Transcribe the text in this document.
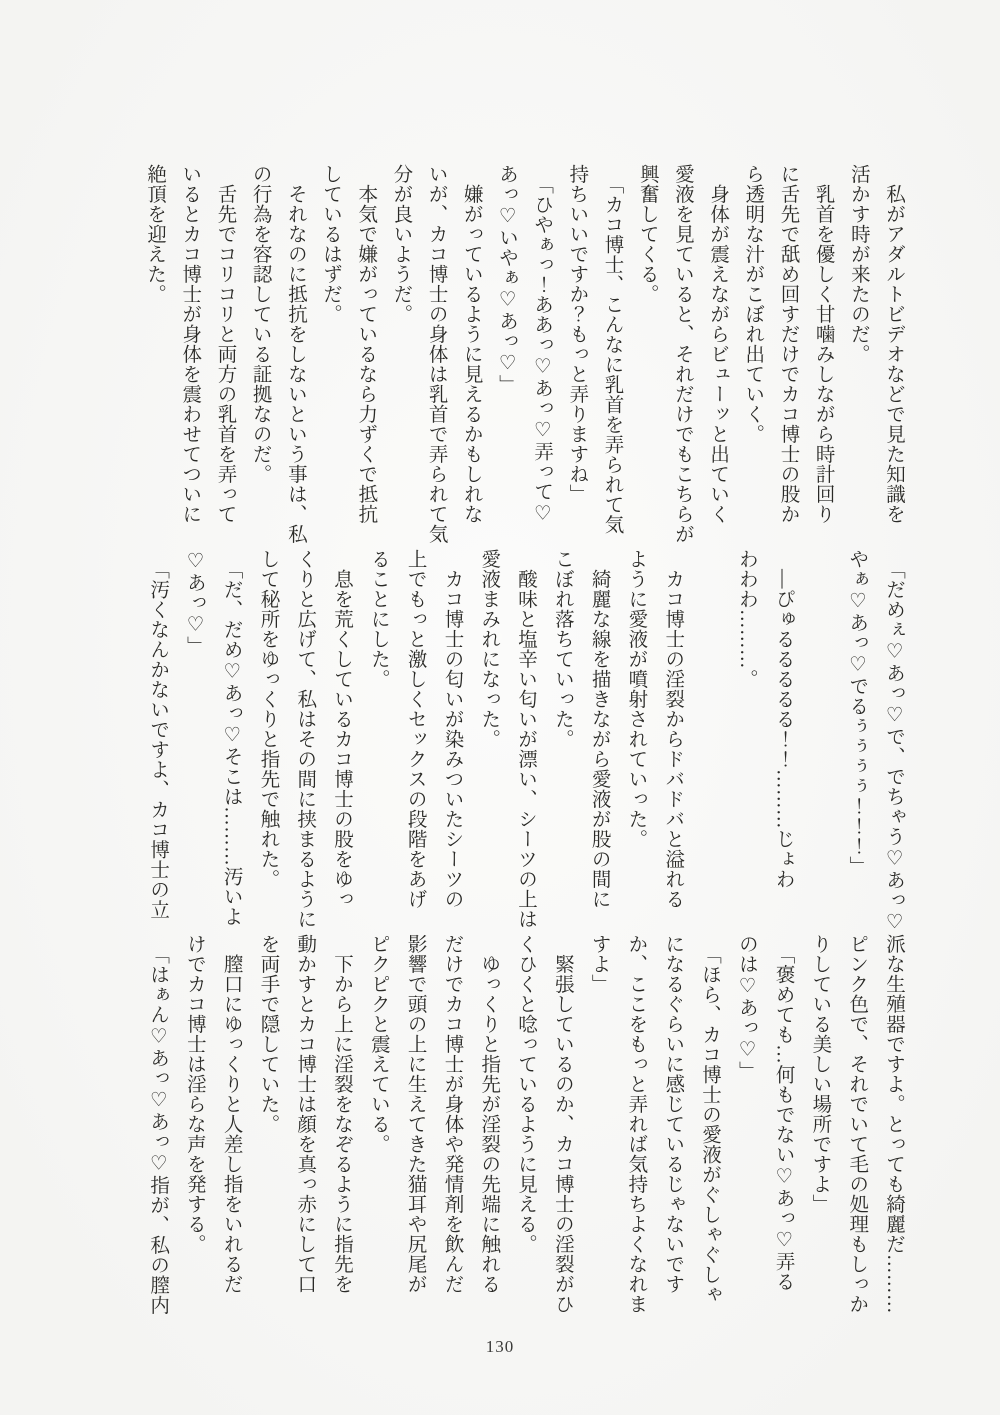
　私がアダルトビデオなどで見た知識を
活かす時が来たのだ。
　乳首を優しく甘噛みしながら時計回り
に舌先で舐め回すだけでカコ博士の股か
ら透明な汁がこぼれ出ていく。
　身体が震えながらビューッと出ていく
愛液を見ていると、それだけでもこちらが
興奮してくる。
　「カコ博士、こんなに乳首を弄られて気
持ちいいですか？もっと弄りますね」
　「ひやぁっ！ああっ♡あっ♡弄って♡
あっ♡いやぁ♡あっ♡」
　嫌がっているように見えるかもしれな
いが、カコ博士の身体は乳首で弄られて気
分が良いようだ。
　本気で嫌がっているなら力ずくで抵抗
しているはずだ。
　それなのに抵抗をしないという事は、私
の行為を容認している証拠なのだ。
　舌先でコリコリと両方の乳首を弄って
いるとカコ博士が身体を震わせてついに
絶頂を迎えた。
　「だめぇ♡あっ♡で、でちゃう♡あっ♡
やぁ♡あっ♡でるぅぅぅぅ！！！」
　―ぴゅるるるるる！！………じょわ
わわわ………。
　カコ博士の淫裂からドバドバと溢れる
ように愛液が噴射されていった。
　綺麗な線を描きながら愛液が股の間に
こぼれ落ちていった。
　酸味と塩辛い匂いが漂い、シーツの上は
愛液まみれになった。
　カコ博士の匂いが染みついたシーツの
上でもっと激しくセックスの段階をあげ
ることにした。
　息を荒くしているカコ博士の股をゆっ
くりと広げて、私はその間に挟まるように
して秘所をゆっくりと指先で触れた。
　「だ、だめ♡あっ♡そこは………汚いよ
♡あっ♡」
　「汚くなんかないですよ、カコ博士の立
派な生殖器ですよ。とっても綺麗だ………
ピンク色で、それでいて毛の処理もしっか
りしている美しい場所ですよ」
　「褒めても…何もでない♡あっ♡弄る
のは♡あっ♡」
　「ほら、カコ博士の愛液がぐしゃぐしゃ
になるぐらいに感じているじゃないです
か、ここをもっと弄れば気持ちよくなれま
すよ」
　緊張しているのか、カコ博士の淫裂がひ
くひくと唸っているように見える。
　ゆっくりと指先が淫裂の先端に触れる
だけでカコ博士が身体や発情剤を飲んだ
影響で頭の上に生えてきた猫耳や尻尾が
ピクピクと震えている。
　下から上に淫裂をなぞるように指先を
動かすとカコ博士は顔を真っ赤にして口
を両手で隠していた。
　膣口にゆっくりと人差し指をいれるだ
けでカコ博士は淫らな声を発する。
　「はぁん♡あっ♡あっ♡指が、私の膣内
130
